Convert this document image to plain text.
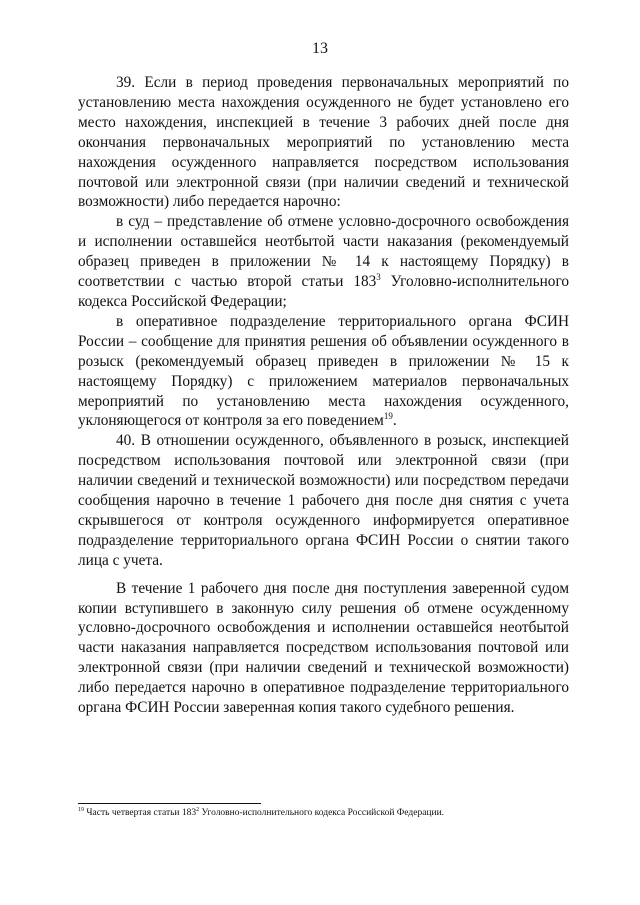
13

39. Если в период проведения первоначальных мероприятий по установлению места нахождения осужденного не будет установлено его место нахождения, инспекцией в течение 3 рабочих дней после дня окончания первоначальных мероприятий по установлению места нахождения осужденного направляется посредством использования почтовой или электронной связи (при наличии сведений и технической возможности) либо передается нарочно:

в суд – представление об отмене условно-досрочного освобождения и исполнении оставшейся неотбытой части наказания (рекомендуемый образец приведен в приложении № 14 к настоящему Порядку) в соответствии с частью второй статьи $183^3$ Уголовно-исполнительного кодекса Российской Федерации;

в оперативное подразделение территориального органа ФСИН России – сообщение для принятия решения об объявлении осужденного в розыск (рекомендуемый образец приведен в приложении № 15 к настоящему Порядку) с приложением материалов первоначальных мероприятий по установлению места нахождения осужденного, уклоняющегося от контроля за его поведением$^{19}$.

40. В отношении осужденного, объявленного в розыск, инспекцией посредством использования почтовой или электронной связи (при наличии сведений и технической возможности) или посредством передачи сообщения нарочно в течение 1 рабочего дня после дня снятия с учета скрывшегося от контроля осужденного информируется оперативное подразделение территориального органа ФСИН России о снятии такого лица с учета.

В течение 1 рабочего дня после дня поступления заверенной судом копии вступившего в законную силу решения об отмене осужденному условно-досрочного освобождения и исполнении оставшейся неотбытой части наказания направляется посредством использования почтовой или электронной связи (при наличии сведений и технической возможности) либо передается нарочно в оперативное подразделение территориального органа ФСИН России заверенная копия такого судебного решения.

$^{19}$ Часть четвертая статьи $183^2$ Уголовно-исполнительного кодекса Российской Федерации.
